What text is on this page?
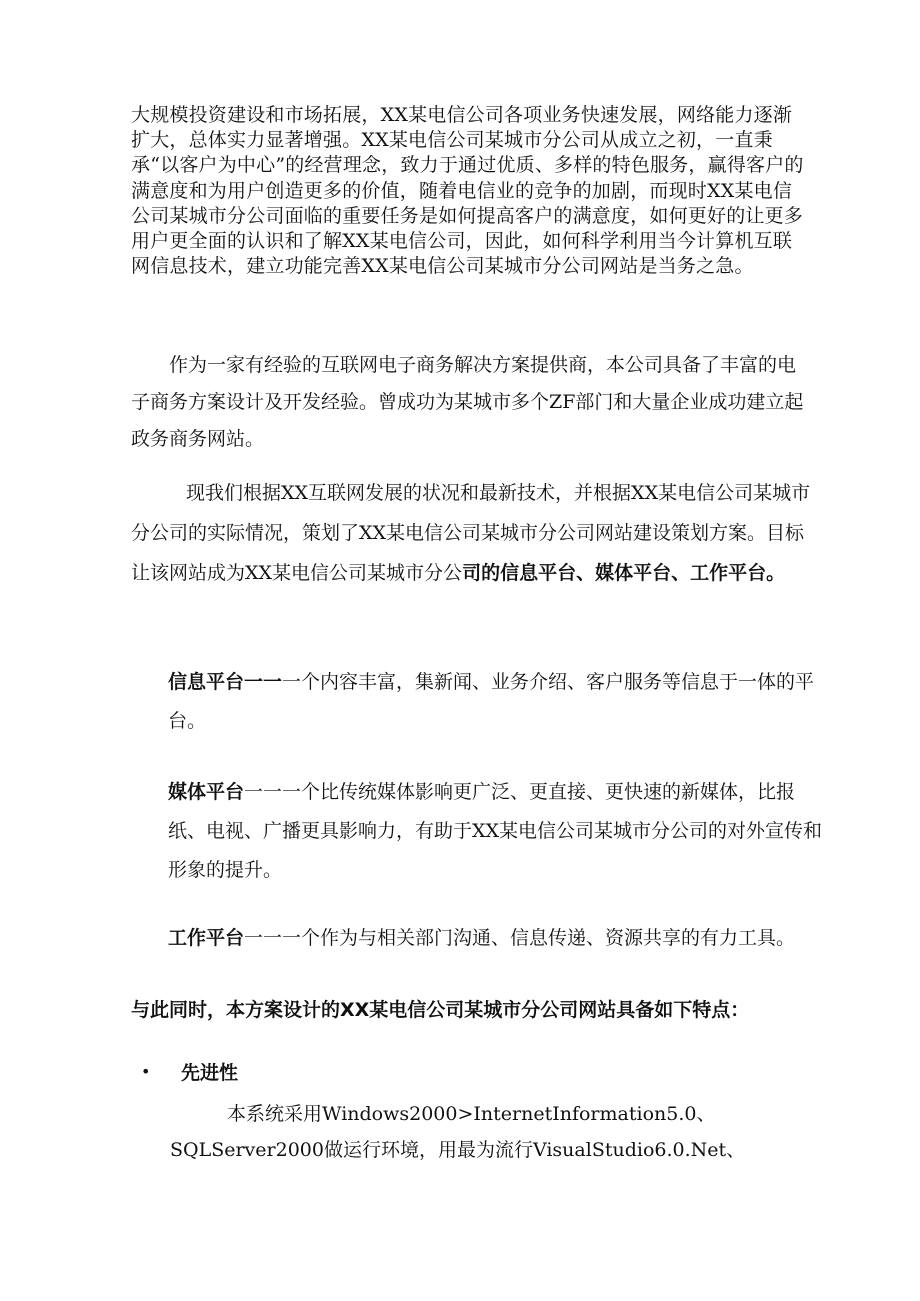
大规模投资建设和市场拓展，XX某电信公司各项业务快速发展，网络能力逐渐扩大，总体实力显著增强。XX某电信公司某城市分公司从成立之初，一直秉承“以客户为中心”的经营理念，致力于通过优质、多样的特色服务，赢得客户的满意度和为用户创造更多的价值，随着电信业的竞争的加剧，而现时XX某电信公司某城市分公司面临的重要任务是如何提高客户的满意度，如何更好的让更多用户更全面的认识和了解XX某电信公司，因此，如何科学利用当今计算机互联网信息技术，建立功能完善XX某电信公司某城市分公司网站是当务之急。

作为一家有经验的互联网电子商务解决方案提供商，本公司具备了丰富的电子商务方案设计及开发经验。曾成功为某城市多个ZF部门和大量企业成功建立起政务商务网站。

现我们根据XX互联网发展的状况和最新技术，并根据XX某电信公司某城市分公司的实际情况，策划了XX某电信公司某城市分公司网站建设策划方案。目标让该网站成为XX某电信公司某城市分公司的信息平台、媒体平台、工作平台。

信息平台一一一个内容丰富，集新闻、业务介绍、客户服务等信息于一体的平台。

媒体平台一一一个比传统媒体影响更广泛、更直接、更快速的新媒体，比报纸、电视、广播更具影响力，有助于XX某电信公司某城市分公司的对外宣传和形象的提升。

工作平台一一一个作为与相关部门沟通、信息传递、资源共享的有力工具。

与此同时，本方案设计的XX某电信公司某城市分公司网站具备如下特点：

•	先进性

本系统采用Windows2000>InternetInformation5.0、SQLServer2000做运行环境，用最为流行VisualStudio6.0.Net、
